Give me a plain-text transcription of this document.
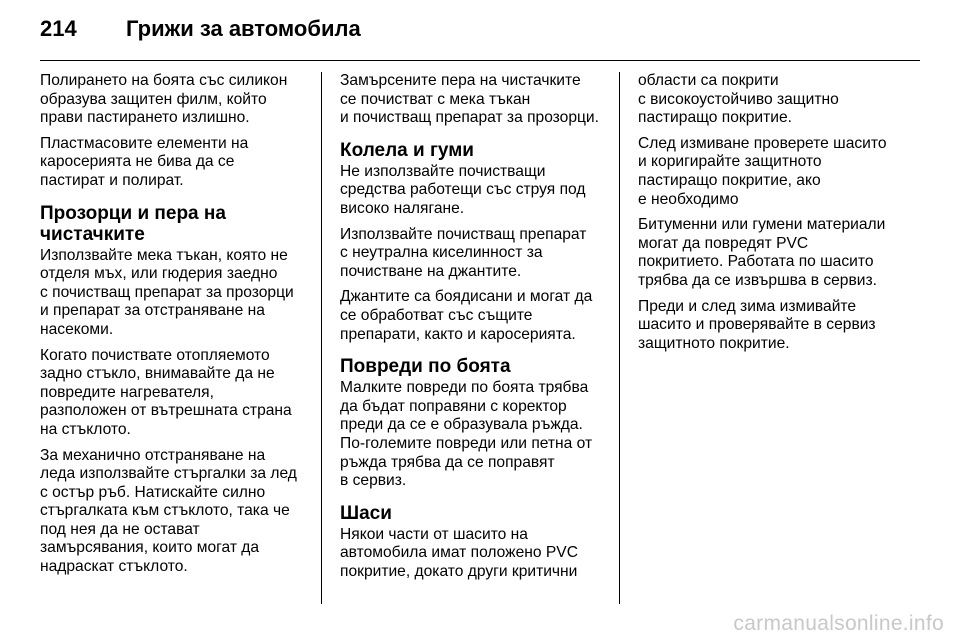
214 Грижи за автомобила

Полирането на боята със силикон
образува защитен филм, който
прави пастирането излишно.

Пластмасовите елементи на
каросерията не бива да се
пастират и полират.

Прозорци и пера на
чистачките

Използвайте мека тъкан, която не
отделя мъх, или гюдерия заедно
с почистващ препарат за прозорци
и препарат за отстраняване на
насекоми.

Когато почиствате отопляемото
задно стъкло, внимавайте да не
повредите нагревателя,
разположен от вътрешната страна
на стъклото.

За механично отстраняване на
леда използвайте стъргалки за лед
с остър ръб. Натискайте силно
стъргалката към стъклото, така че
под нея да не остават
замърсявания, които могат да
надраскат стъклото.

Замърсените пера на чистачките
се почистват с мека тъкан
и почистващ препарат за прозорци.

Колела и гуми

Не използвайте почистващи
средства работещи със струя под
високо налягане.

Използвайте почистващ препарат
с неутрална киселинност за
почистване на джантите.

Джантите са боядисани и могат да
се обработват със същите
препарати, както и каросерията.

Повреди по боята

Малките повреди по боята трябва
да бъдат поправяни с коректор
преди да се е образувала ръжда.
По-големите повреди или петна от
ръжда трябва да се поправят
в сервиз.

Шаси

Някои части от шасито на
автомобила имат положено PVC
покритие, докато други критични

области са покрити
с високоустойчиво защитно
пастиращо покритие.

След измиване проверете шасито
и коригирайте защитното
пастиращо покритие, ако
е необходимо

Битуменни или гумени материали
могат да повредят PVC
покритието. Работата по шасито
трябва да се извършва в сервиз.

Преди и след зима измивайте
шасито и проверявайте в сервиз
защитното покритие.

carmanualsonline.info
